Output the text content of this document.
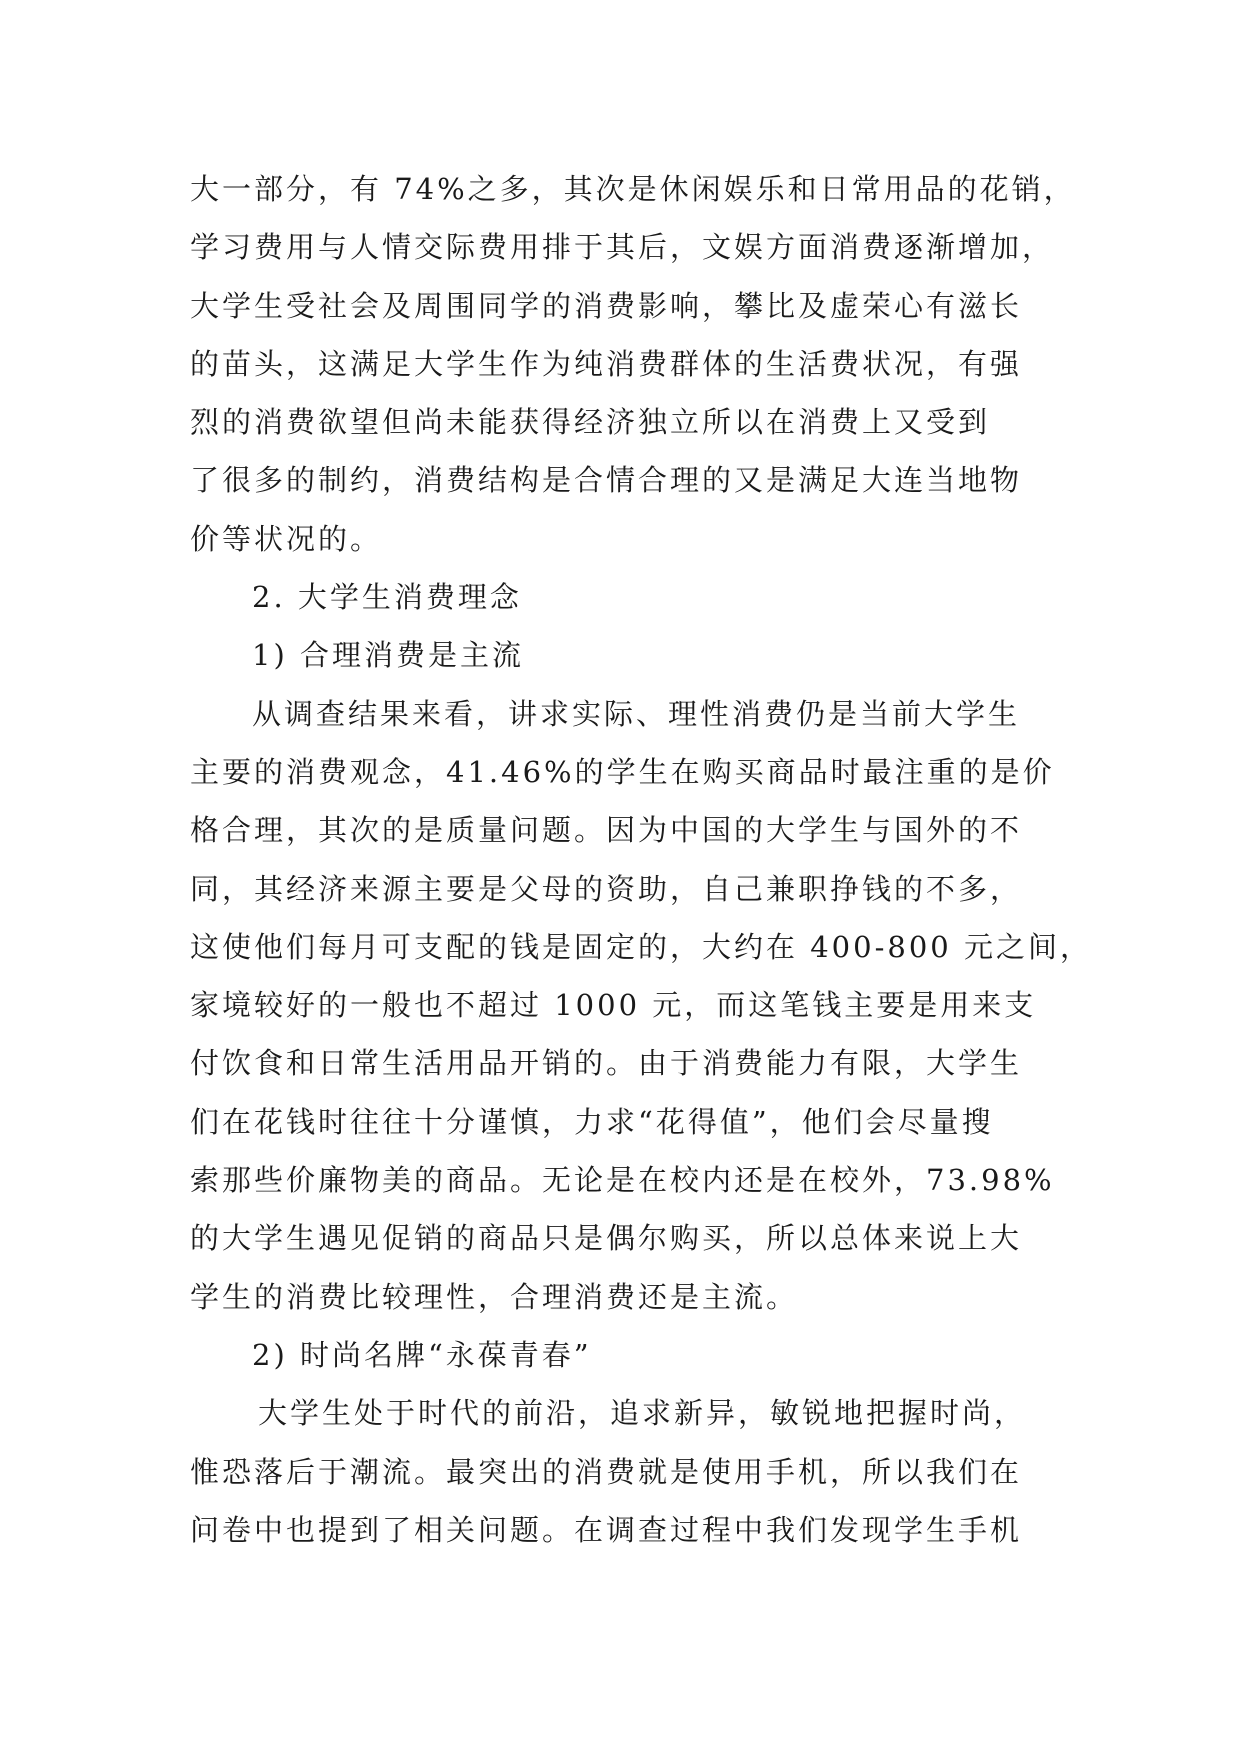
大一部分，有 74%之多，其次是休闲娱乐和日常用品的花销，
学习费用与人情交际费用排于其后，文娱方面消费逐渐增加，
大学生受社会及周围同学的消费影响，攀比及虚荣心有滋长
的苗头，这满足大学生作为纯消费群体的生活费状况，有强
烈的消费欲望但尚未能获得经济独立所以在消费上又受到
了很多的制约，消费结构是合情合理的又是满足大连当地物
价等状况的。
2. 大学生消费理念
1) 合理消费是主流
从调查结果来看，讲求实际、理性消费仍是当前大学生
主要的消费观念，41.46%的学生在购买商品时最注重的是价
格合理，其次的是质量问题。因为中国的大学生与国外的不
同，其经济来源主要是父母的资助，自己兼职挣钱的不多，
这使他们每月可支配的钱是固定的，大约在 400-800 元之间，
家境较好的一般也不超过 1000 元，而这笔钱主要是用来支
付饮食和日常生活用品开销的。由于消费能力有限，大学生
们在花钱时往往十分谨慎，力求“花得值”，他们会尽量搜
索那些价廉物美的商品。无论是在校内还是在校外，73.98%
的大学生遇见促销的商品只是偶尔购买，所以总体来说上大
学生的消费比较理性，合理消费还是主流。
2) 时尚名牌“永葆青春”
大学生处于时代的前沿，追求新异，敏锐地把握时尚，
惟恐落后于潮流。最突出的消费就是使用手机，所以我们在
问卷中也提到了相关问题。在调查过程中我们发现学生手机
